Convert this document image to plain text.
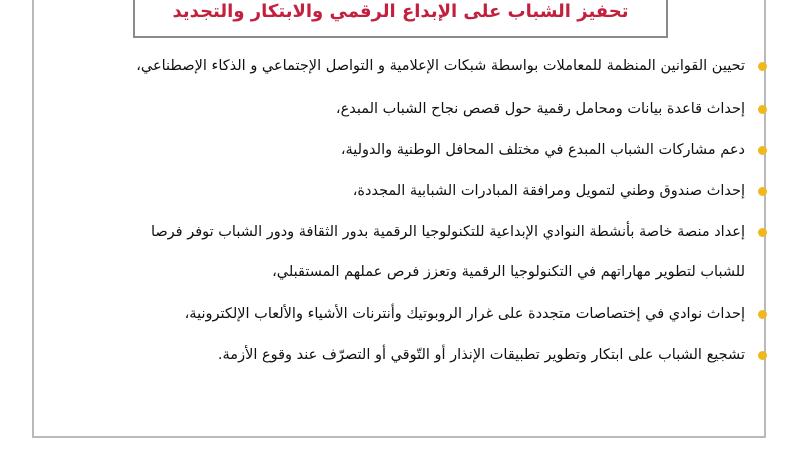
تحفيز الشباب على الإبداع الرقمي والابتكار والتجديد
تحيين القوانين المنظمة للمعاملات بواسطة شبكات الإعلامية و التواصل الإجتماعي و الذكاء الإصطناعي،
إحداث قاعدة بيانات ومحامل رقمية حول قصص نجاح الشباب المبدع،
دعم مشاركات الشباب المبدع في مختلف المحافل الوطنية والدولية،
إحداث صندوق وطني لتمويل ومرافقة المبادرات الشبابية المجددة،
إعداد منصة خاصة بأنشطة النوادي الإبداعية للتكنولوجيا الرقمية بدور الثقافة ودور الشباب توفر فرصا
للشباب لتطوير مهاراتهم في التكنولوجيا الرقمية وتعزز فرص عملهم المستقبلي،
إحداث نوادي في إختصاصات متجددة على غرار الروبوتيك وأنترنات الأشياء والألعاب الإلكترونية،
تشجيع الشباب على ابتكار وتطوير تطبيقات الإنذار أو التّوقي أو التصرّف عند وقوع الأزمة.
